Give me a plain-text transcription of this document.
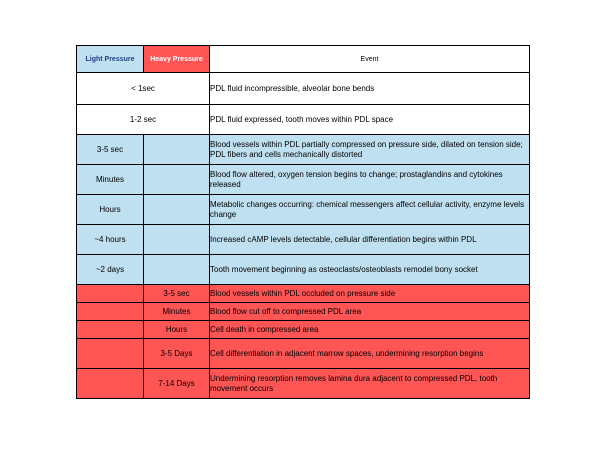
Light Pressure	Heavy Pressure	Event
< 1sec		PDL fluid incompressible, alveolar bone bends
1-2 sec		PDL fluid expressed, tooth moves within PDL space
3-5 sec		Blood vessels within PDL partially compressed on pressure side, dilated on tension side; PDL fibers and cells mechanically distorted
Minutes		Blood flow altered, oxygen tension begins to change; prostaglandins and cytokines released
Hours		Metabolic changes occurring: chemical messengers affect cellular activity, enzyme levels change
~4 hours		Increased cAMP levels detectable, cellular differentiation begins within PDL
~2 days		Tooth movement beginning as osteoclasts/osteoblasts remodel bony socket
	3-5 sec	Blood vessels within PDL occluded on pressure side
	Minutes	Blood flow cut off to compressed PDL area
	Hours	Cell death in compressed area
	3-5 Days	Cell differentiation in adjacent marrow spaces, undermining resorption begins
	7-14 Days	Undermining resorption removes lamina dura adjacent to compressed PDL, tooth movement occurs
